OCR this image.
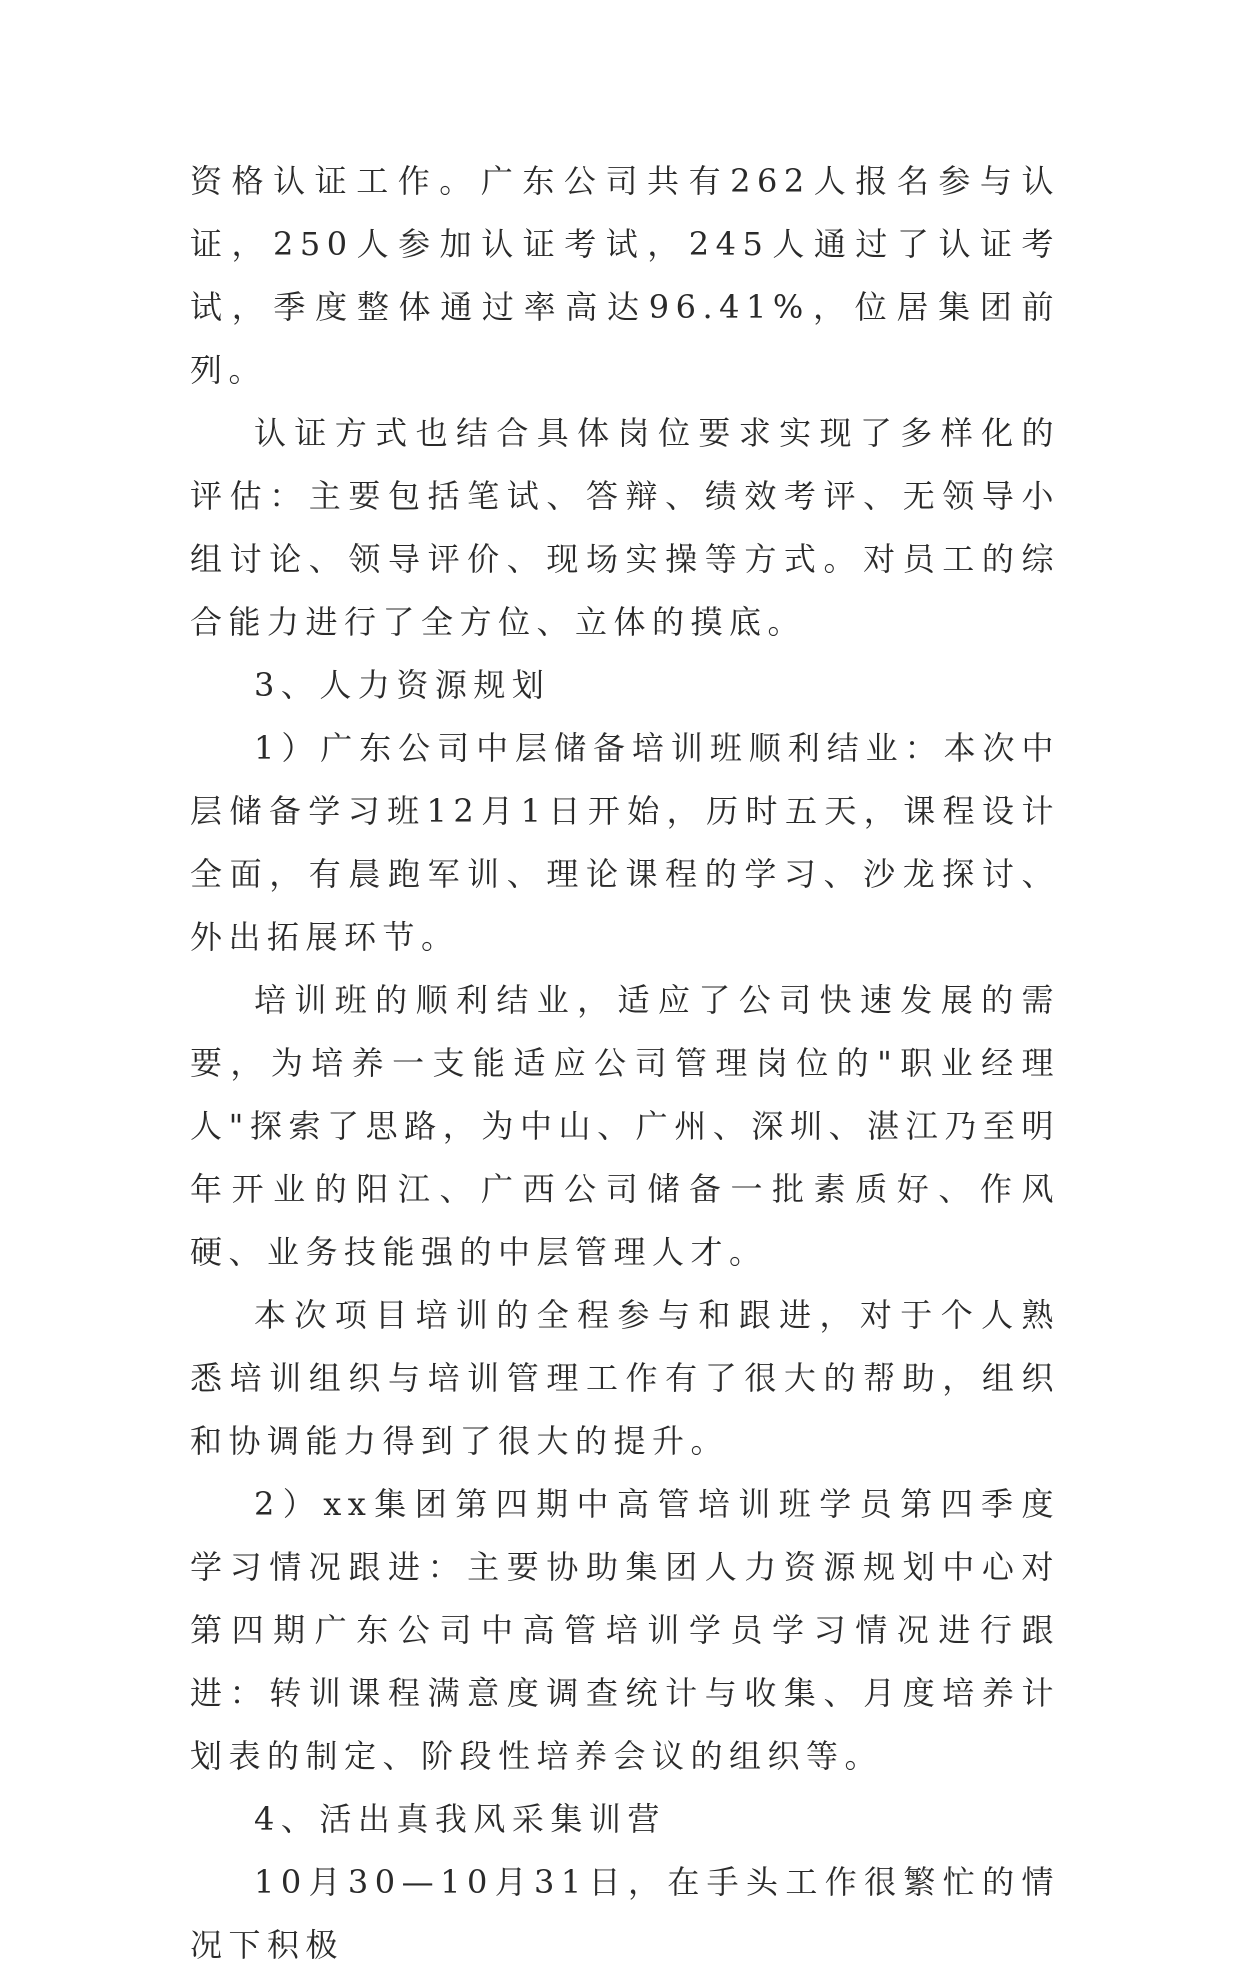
资格认证工作。广东公司共有262人报名参与认证，250人参加认证考试，245人通过了认证考试，季度整体通过率高达96.41%，位居集团前列。

认证方式也结合具体岗位要求实现了多样化的评估：主要包括笔试、答辩、绩效考评、无领导小组讨论、领导评价、现场实操等方式。对员工的综合能力进行了全方位、立体的摸底。

3、人力资源规划

1）广东公司中层储备培训班顺利结业：本次中层储备学习班12月1日开始，历时五天，课程设计全面，有晨跑军训、理论课程的学习、沙龙探讨、外出拓展环节。

培训班的顺利结业，适应了公司快速发展的需要，为培养一支能适应公司管理岗位的"职业经理人"探索了思路，为中山、广州、深圳、湛江乃至明年开业的阳江、广西公司储备一批素质好、作风硬、业务技能强的中层管理人才。

本次项目培训的全程参与和跟进，对于个人熟悉培训组织与培训管理工作有了很大的帮助，组织和协调能力得到了很大的提升。

2）xx集团第四期中高管培训班学员第四季度学习情况跟进：主要协助集团人力资源规划中心对第四期广东公司中高管培训学员学习情况进行跟进：转训课程满意度调查统计与收集、月度培养计划表的制定、阶段性培养会议的组织等。

4、活出真我风采集训营

10月30—10月31日，在手头工作很繁忙的情况下积极
